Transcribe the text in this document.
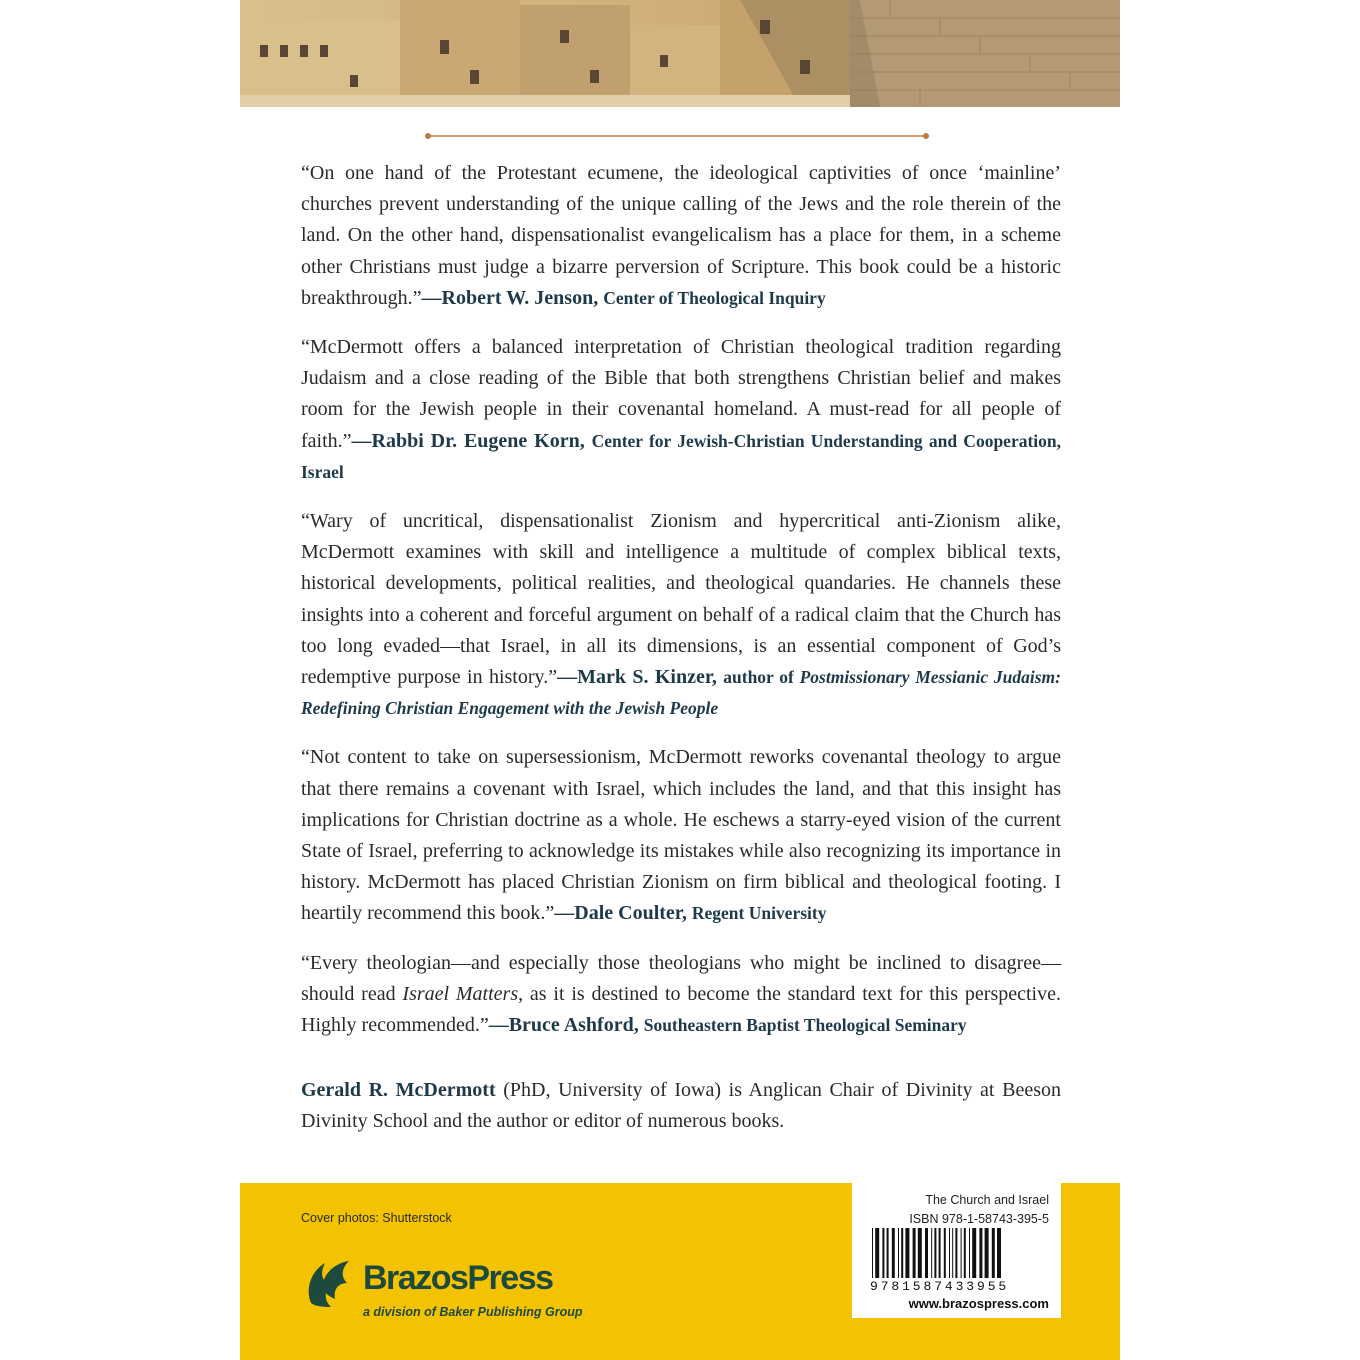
“On one hand of the Protestant ecumene, the ideological captivities of once ‘mainline’ churches prevent understanding of the unique calling of the Jews and the role therein of the land. On the other hand, dispensationalist evangelicalism has a place for them, in a scheme other Christians must judge a bizarre perversion of Scripture. This book could be a historic breakthrough.”—Robert W. Jenson, Center of Theological Inquiry

“McDermott offers a balanced interpretation of Christian theological tradition regarding Judaism and a close reading of the Bible that both strengthens Christian belief and makes room for the Jewish people in their covenantal homeland. A must-read for all people of faith.”—Rabbi Dr. Eugene Korn, Center for Jewish-Christian Understanding and Cooperation, Israel

“Wary of uncritical, dispensationalist Zionism and hypercritical anti-Zionism alike, McDermott examines with skill and intelligence a multitude of complex biblical texts, historical developments, political realities, and theological quandaries. He channels these insights into a coherent and forceful argument on behalf of a radical claim that the Church has too long evaded—that Israel, in all its dimensions, is an essential component of God’s redemptive purpose in history.”—Mark S. Kinzer, author of Postmissionary Messianic Judaism: Redefining Christian Engagement with the Jewish People

“Not content to take on supersessionism, McDermott reworks covenantal theology to argue that there remains a covenant with Israel, which includes the land, and that this insight has implications for Christian doctrine as a whole. He eschews a starry-eyed vision of the current State of Israel, preferring to acknowledge its mistakes while also recognizing its importance in history. McDermott has placed Christian Zionism on firm biblical and theological footing. I heartily recommend this book.”—Dale Coulter, Regent University

“Every theologian—and especially those theologians who might be inclined to disagree—should read Israel Matters, as it is destined to become the standard text for this perspective. Highly recommended.”—Bruce Ashford, Southeastern Baptist Theological Seminary

Gerald R. McDermott (PhD, University of Iowa) is Anglican Chair of Divinity at Beeson Divinity School and the author or editor of numerous books.

Cover photos: Shutterstock
BrazosPress
a division of Baker Publishing Group
The Church and Israel
ISBN 978-1-58743-395-5
9781587433955
www.brazospress.com
